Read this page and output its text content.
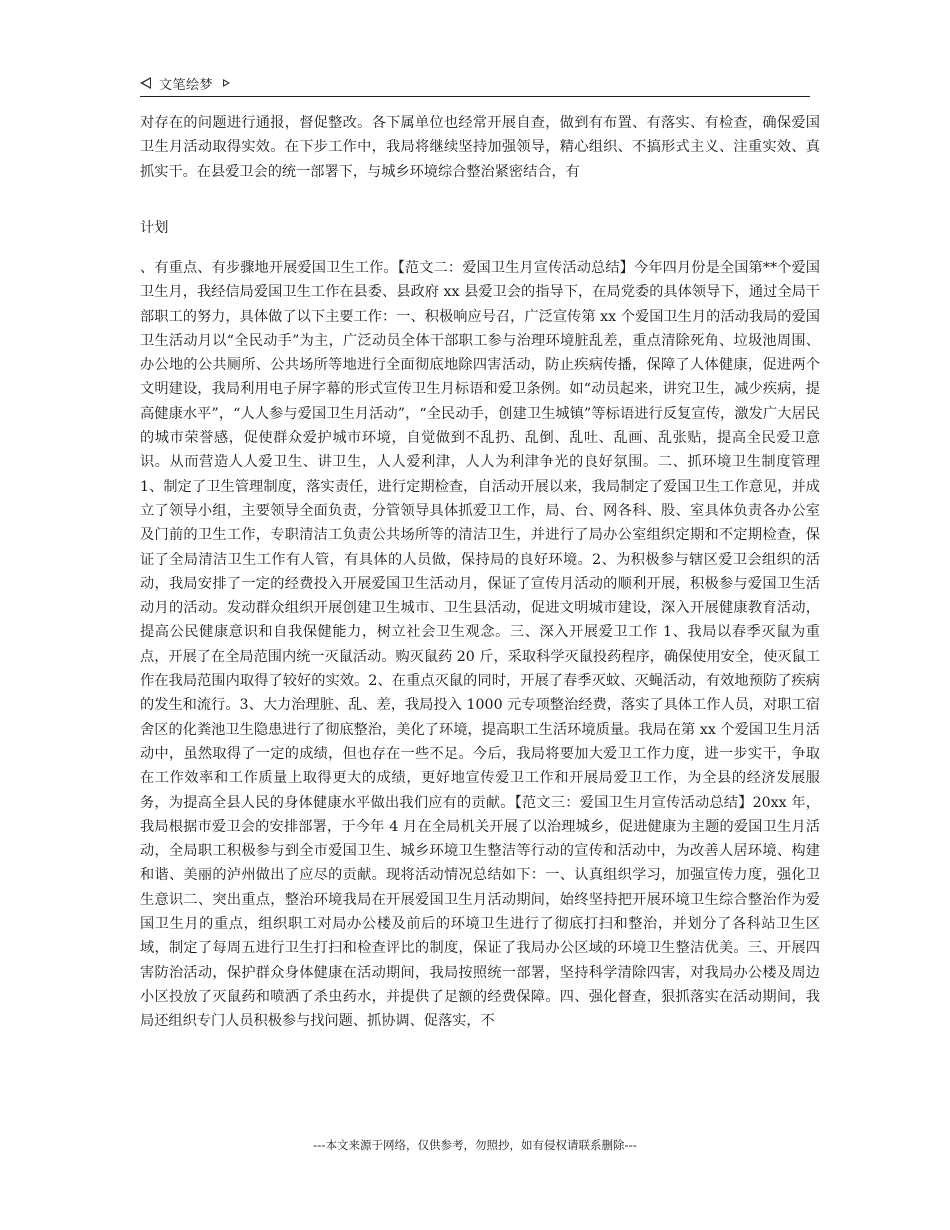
文笔绘梦

对存在的问题进行通报，督促整改。各下属单位也经常开展自查，做到有布置、有落实、有检查，确保爱国卫生月活动取得实效。在下步工作中，我局将继续坚持加强领导，精心组织、不搞形式主义、注重实效、真抓实干。在县爱卫会的统一部署下，与城乡环境综合整治紧密结合，有

计划

、有重点、有步骤地开展爱国卫生工作。【范文二：爱国卫生月宣传活动总结】今年四月份是全国第**个爱国卫生月，我经信局爱国卫生工作在县委、县政府 xx 县爱卫会的指导下，在局党委的具体领导下，通过全局干部职工的努力，具体做了以下主要工作：一、积极响应号召，广泛宣传第 xx 个爱国卫生月的活动我局的爱国卫生活动月以“全民动手”为主，广泛动员全体干部职工参与治理环境脏乱差，重点清除死角、垃圾池周围、办公地的公共厕所、公共场所等地进行全面彻底地除四害活动，防止疾病传播，保障了人体健康，促进两个文明建设，我局利用电子屏字幕的形式宣传卫生月标语和爱卫条例。如“动员起来，讲究卫生，减少疾病，提高健康水平”，“人人参与爱国卫生月活动”，“全民动手，创建卫生城镇”等标语进行反复宣传，激发广大居民的城市荣誉感，促使群众爱护城市环境，自觉做到不乱扔、乱倒、乱吐、乱画、乱张贴，提高全民爱卫意识。从而营造人人爱卫生、讲卫生，人人爱利津，人人为利津争光的良好氛围。二、抓环境卫生制度管理 1、制定了卫生管理制度，落实责任，进行定期检查，自活动开展以来，我局制定了爱国卫生工作意见，并成立了领导小组，主要领导全面负责，分管领导具体抓爱卫工作，局、台、网各科、股、室具体负责各办公室及门前的卫生工作，专职清洁工负责公共场所等的清洁卫生，并进行了局办公室组织定期和不定期检查，保证了全局清洁卫生工作有人管，有具体的人员做，保持局的良好环境。2、为积极参与辖区爱卫会组织的活动，我局安排了一定的经费投入开展爱国卫生活动月，保证了宣传月活动的顺利开展，积极参与爱国卫生活动月的活动。发动群众组织开展创建卫生城市、卫生县活动，促进文明城市建设，深入开展健康教育活动，提高公民健康意识和自我保健能力，树立社会卫生观念。三、深入开展爱卫工作 1、我局以春季灭鼠为重点，开展了在全局范围内统一灭鼠活动。购灭鼠药 20 斤，采取科学灭鼠投药程序，确保使用安全，使灭鼠工作在我局范围内取得了较好的实效。2、在重点灭鼠的同时，开展了春季灭蚊、灭蝇活动，有效地预防了疾病的发生和流行。3、大力治理脏、乱、差，我局投入 1000 元专项整治经费，落实了具体工作人员，对职工宿舍区的化粪池卫生隐患进行了彻底整治，美化了环境，提高职工生活环境质量。我局在第 xx 个爱国卫生月活动中，虽然取得了一定的成绩，但也存在一些不足。今后，我局将要加大爱卫工作力度，进一步实干，争取在工作效率和工作质量上取得更大的成绩，更好地宣传爱卫工作和开展局爱卫工作，为全县的经济发展服务，为提高全县人民的身体健康水平做出我们应有的贡献。【范文三：爱国卫生月宣传活动总结】20xx 年，我局根据市爱卫会的安排部署，于今年 4 月在全局机关开展了以治理城乡，促进健康为主题的爱国卫生月活动，全局职工积极参与到全市爱国卫生、城乡环境卫生整洁等行动的宣传和活动中，为改善人居环境、构建和谐、美丽的泸州做出了应尽的贡献。现将活动情况总结如下：一、认真组织学习，加强宣传力度，强化卫生意识二、突出重点，整治环境我局在开展爱国卫生月活动期间，始终坚持把开展环境卫生综合整治作为爱国卫生月的重点，组织职工对局办公楼及前后的环境卫生进行了彻底打扫和整治，并划分了各科站卫生区域，制定了每周五进行卫生打扫和检查评比的制度，保证了我局办公区域的环境卫生整洁优美。三、开展四害防治活动，保护群众身体健康在活动期间，我局按照统一部署，坚持科学清除四害，对我局办公楼及周边小区投放了灭鼠药和喷洒了杀虫药水，并提供了足额的经费保障。四、强化督查，狠抓落实在活动期间，我局还组织专门人员积极参与找问题、抓协调、促落实，不

---本文来源于网络，仅供参考，勿照抄，如有侵权请联系删除---
